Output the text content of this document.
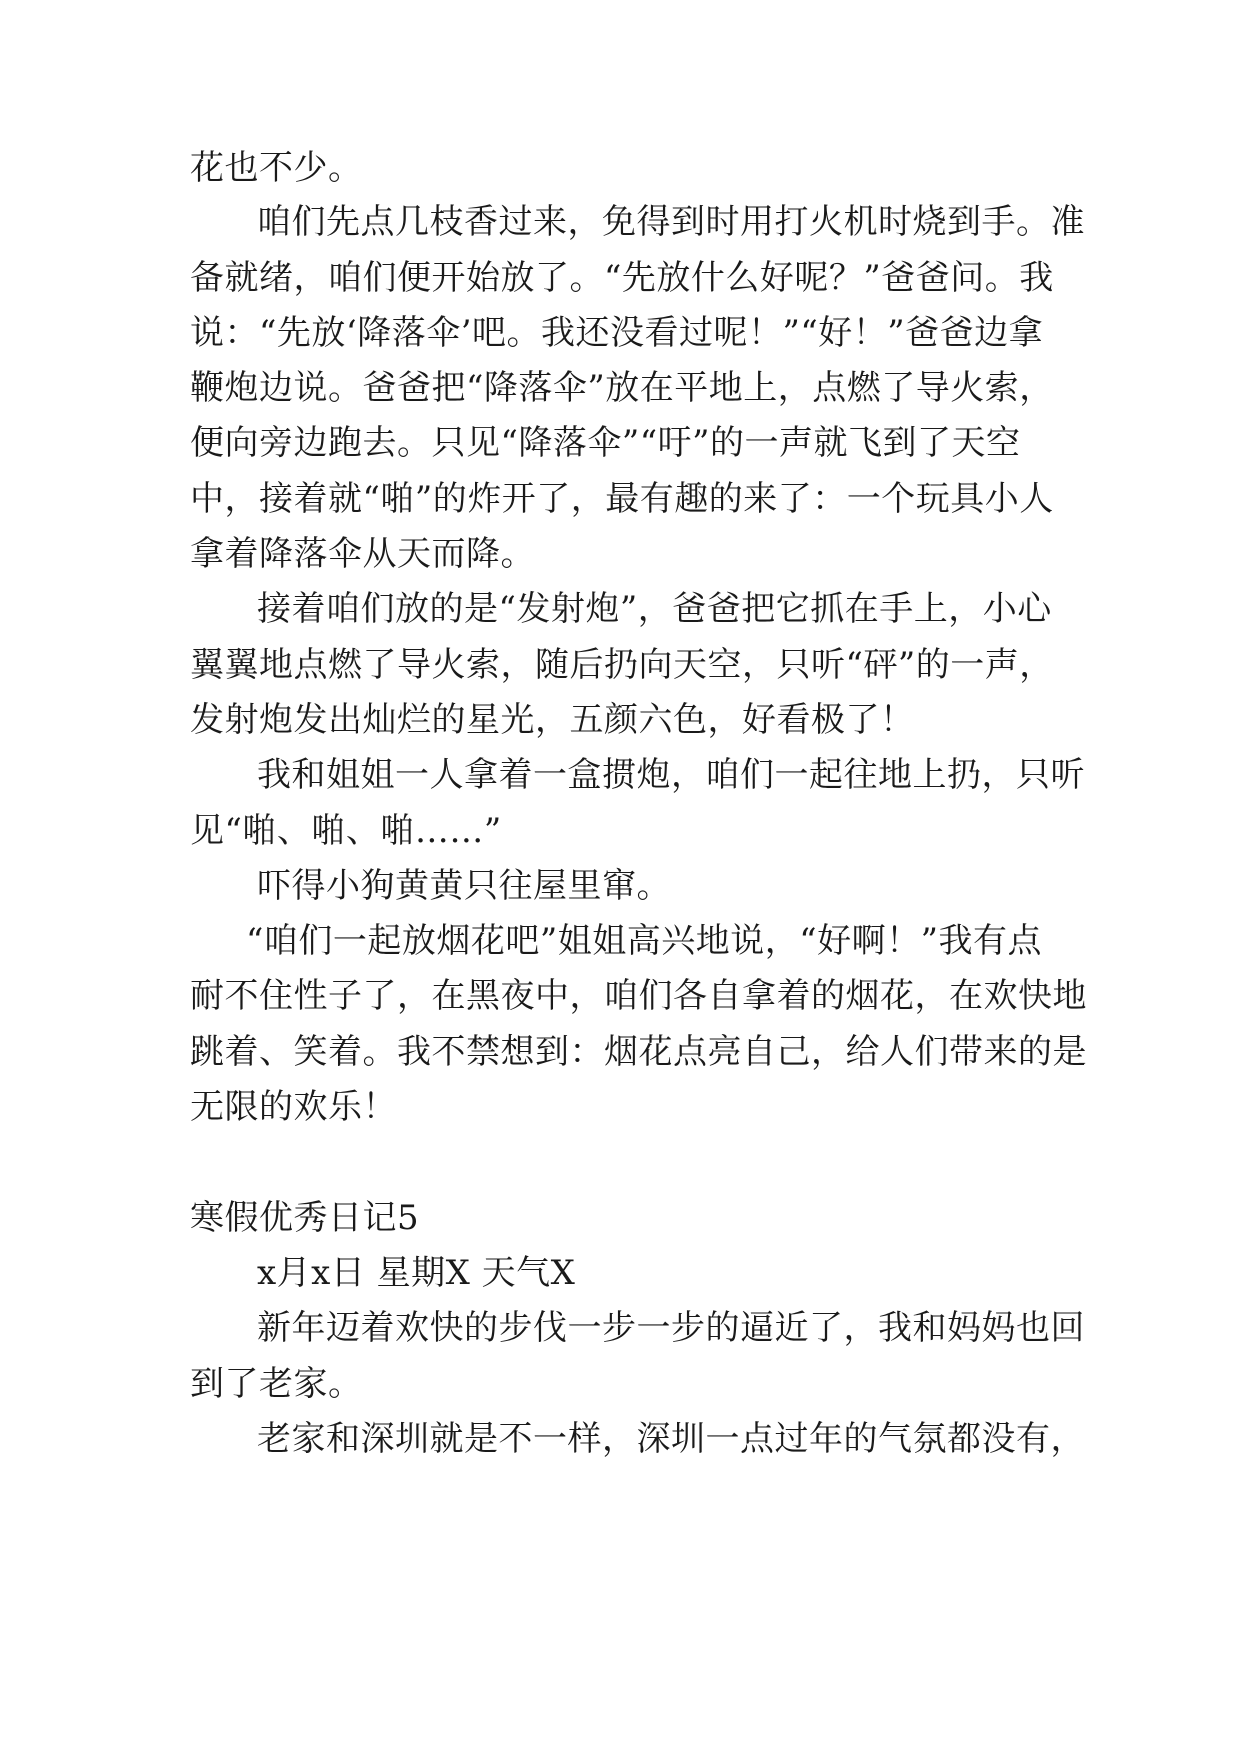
花也不少。
咱们先点几枝香过来，免得到时用打火机时烧到手。准
备就绪，咱们便开始放了。“先放什么好呢？”爸爸问。我
说：“先放‘降落伞’吧。我还没看过呢！”“好！”爸爸边拿
鞭炮边说。爸爸把“降落伞”放在平地上，点燃了导火索，
便向旁边跑去。只见“降落伞”“吁”的一声就飞到了天空
中，接着就“啪”的炸开了，最有趣的来了：一个玩具小人
拿着降落伞从天而降。
接着咱们放的是“发射炮”，爸爸把它抓在手上，小心
翼翼地点燃了导火索，随后扔向天空，只听“砰”的一声，
发射炮发出灿烂的星光，五颜六色，好看极了！
我和姐姐一人拿着一盒掼炮，咱们一起往地上扔，只听
见“啪、啪、啪……”
吓得小狗黄黄只往屋里窜。
“咱们一起放烟花吧”姐姐高兴地说，“好啊！”我有点
耐不住性子了，在黑夜中，咱们各自拿着的烟花，在欢快地
跳着、笑着。我不禁想到：烟花点亮自己，给人们带来的是
无限的欢乐！
寒假优秀日记5
x月x日 星期X 天气X
新年迈着欢快的步伐一步一步的逼近了，我和妈妈也回
到了老家。
老家和深圳就是不一样，深圳一点过年的气氛都没有，
